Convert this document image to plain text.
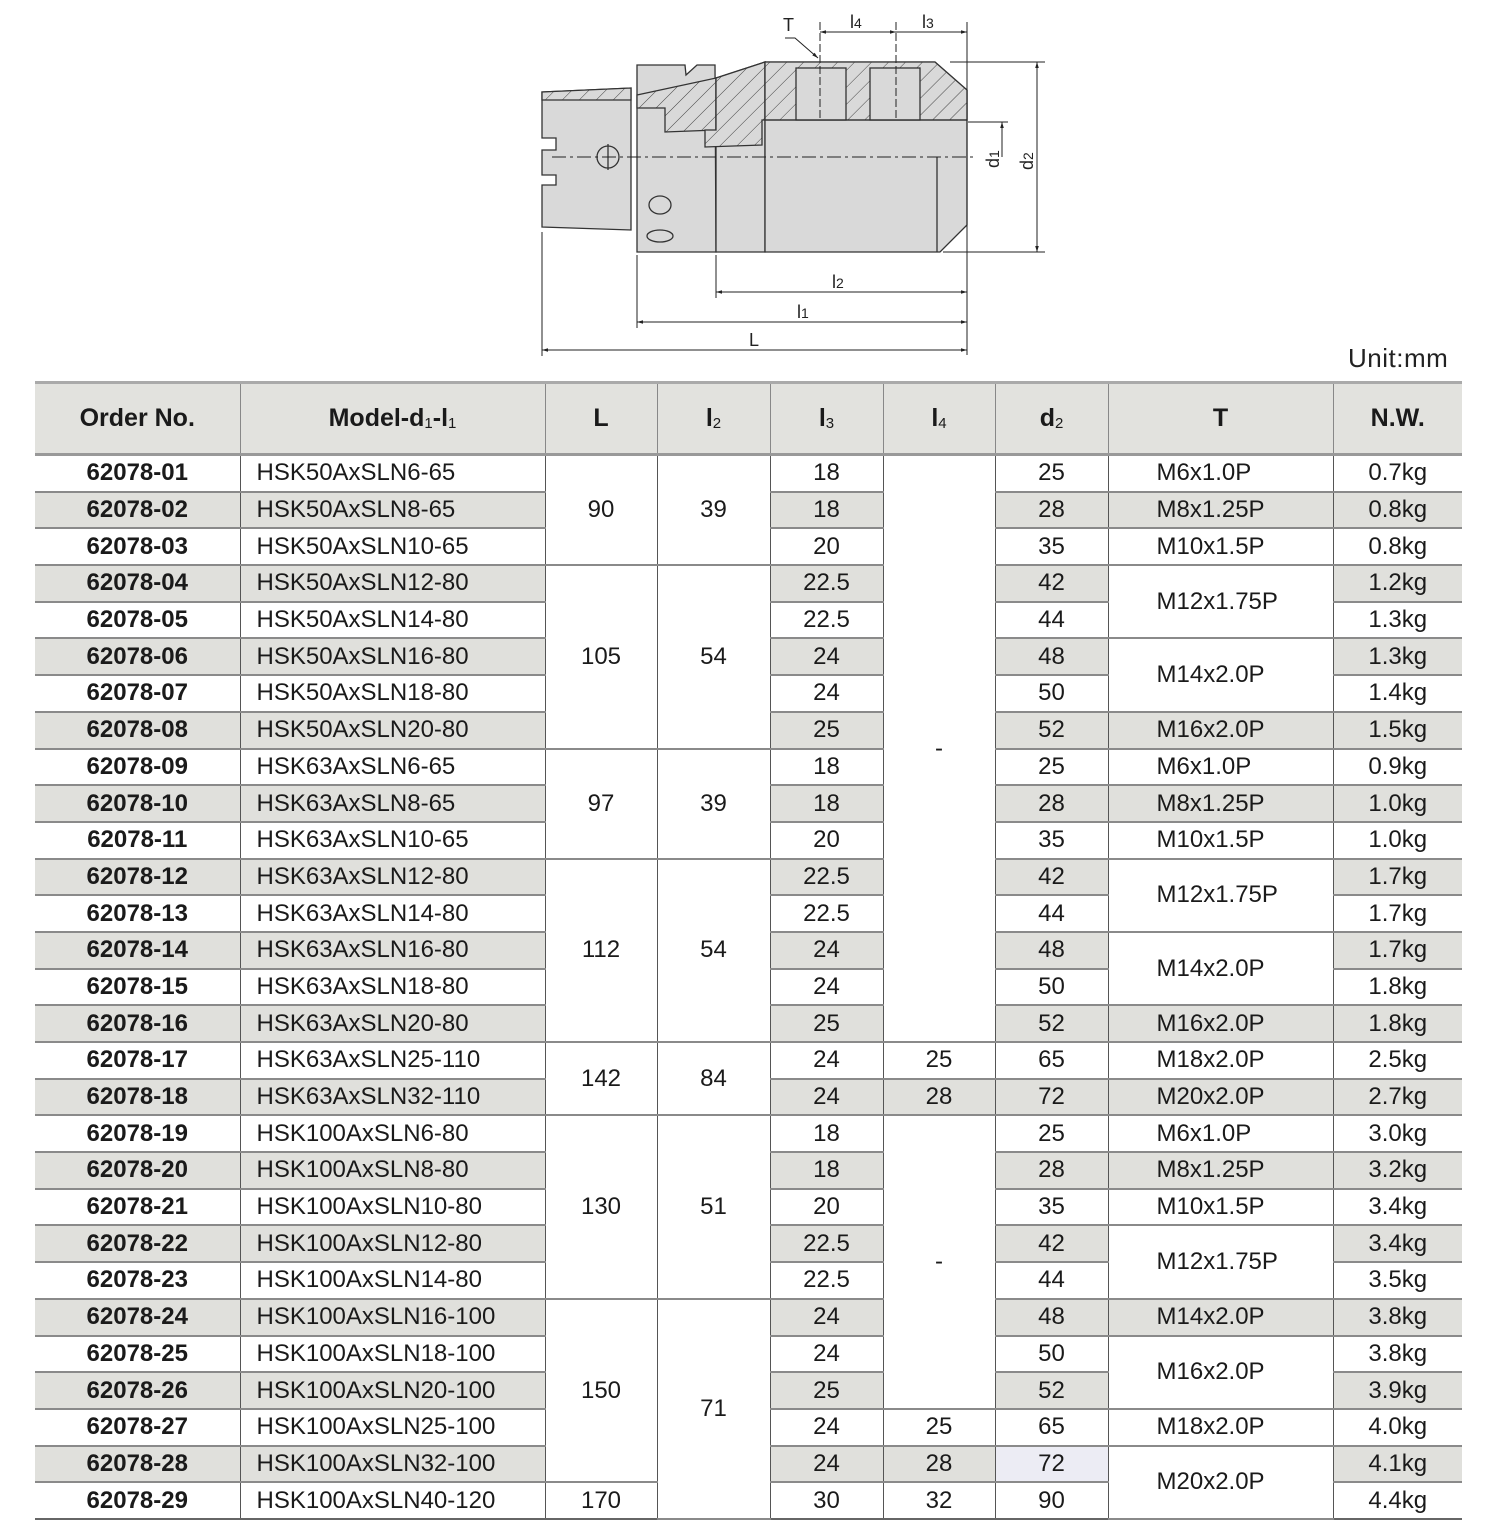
T	l4	l3
l2
l1
L
d1
d2
Unit:mm
Order No.	Model-$d_1-l_1$	L	$l_2$	$l_3$	$l_4$	$d_2$	T	N.W.
62078-01	HSK50AxSLN6-65	90	39	18	-	25	M6x1.0P	0.7kg
62078-02	HSK50AxSLN8-65			18		28	M8x1.25P	0.8kg
62078-03	HSK50AxSLN10-65			20		35	M10x1.5P	0.8kg
62078-04	HSK50AxSLN12-80	105	54	22.5		42	M12x1.75P	1.2kg
62078-05	HSK50AxSLN14-80			22.5		44		1.3kg
62078-06	HSK50AxSLN16-80			24		48	M14x2.0P	1.3kg
62078-07	HSK50AxSLN18-80			24		50		1.4kg
62078-08	HSK50AxSLN20-80			25		52	M16x2.0P	1.5kg
62078-09	HSK63AxSLN6-65	97	39	18		25	M6x1.0P	0.9kg
62078-10	HSK63AxSLN8-65			18		28	M8x1.25P	1.0kg
62078-11	HSK63AxSLN10-65			20		35	M10x1.5P	1.0kg
62078-12	HSK63AxSLN12-80	112	54	22.5		42	M12x1.75P	1.7kg
62078-13	HSK63AxSLN14-80			22.5		44		1.7kg
62078-14	HSK63AxSLN16-80			24		48	M14x2.0P	1.7kg
62078-15	HSK63AxSLN18-80			24		50		1.8kg
62078-16	HSK63AxSLN20-80			25		52	M16x2.0P	1.8kg
62078-17	HSK63AxSLN25-110	142	84	24	25	65	M18x2.0P	2.5kg
62078-18	HSK63AxSLN32-110			24	28	72	M20x2.0P	2.7kg
62078-19	HSK100AxSLN6-80	130	51	18	-	25	M6x1.0P	3.0kg
62078-20	HSK100AxSLN8-80			18		28	M8x1.25P	3.2kg
62078-21	HSK100AxSLN10-80			20		35	M10x1.5P	3.4kg
62078-22	HSK100AxSLN12-80			22.5		42	M12x1.75P	3.4kg
62078-23	HSK100AxSLN14-80			22.5		44		3.5kg
62078-24	HSK100AxSLN16-100	150	71	24		48	M14x2.0P	3.8kg
62078-25	HSK100AxSLN18-100			24		50	M16x2.0P	3.8kg
62078-26	HSK100AxSLN20-100			25		52		3.9kg
62078-27	HSK100AxSLN25-100			24	25	65	M18x2.0P	4.0kg
62078-28	HSK100AxSLN32-100			24	28	72	M20x2.0P	4.1kg
62078-29	HSK100AxSLN40-120	170		30	32	90		4.4kg
